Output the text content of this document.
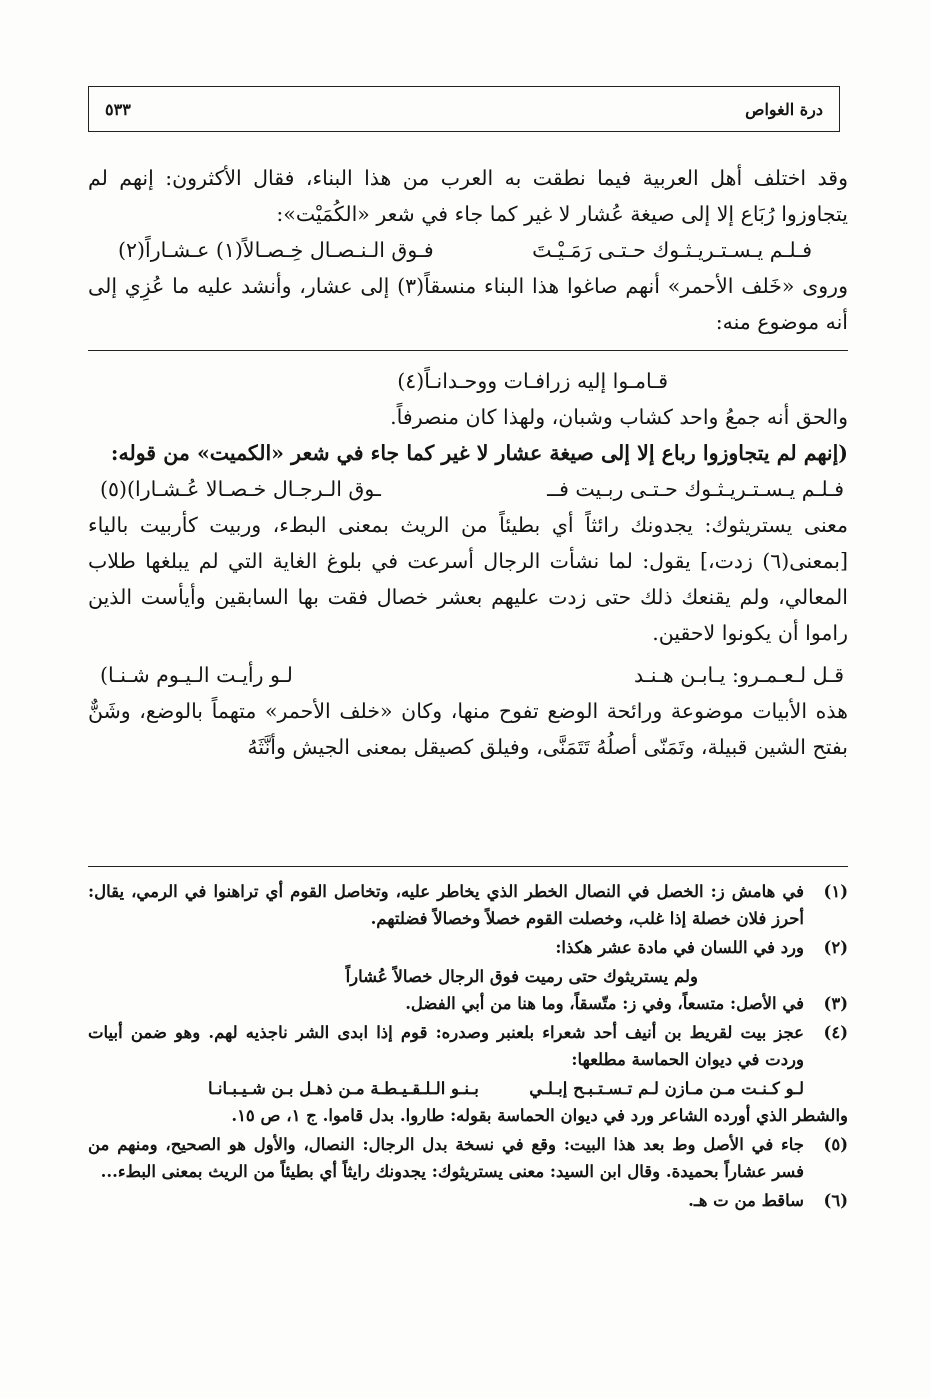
درة الغواص
٥٣٣

وقد اختلف أهل العربية فيما نطقت به العرب من هذا البناء، فقال الأكثرون: إنهم لم يتجاوزوا رُبَاع إلا إلى صيغة عُشار لا غير كما جاء في شعر «الكُمَيْت»:

فـلـم يـسـتـريـثـوك حـتـى رَمَـيْـتَ
فـوق الـنـصـال خِـصـالاً(١) عـشـاراً(٢)

وروى «خَلف الأحمر» أنهم صاغوا هذا البناء منسقاً(٣) إلى عشار، وأنشد عليه ما عُزِي إلى أنه موضوع منه:

قـامـوا إليه زرافـات ووحـدانـاً(٤)

والحق أنه جمعُ واحد كشاب وشبان، ولهذا كان منصرفاً.

(إنهم لم يتجاوزوا رباع إلا إلى صيغة عشار لا غير كما جاء في شعر «الكميت» من قوله:

فـلـم يـسـتـريـثـوك حـتـى ربـيت فــ
ـوق الـرجـال خـصـالا عُـشـارا)(٥)

معنى يستريثوك: يجدونك رائثاً أي بطيئاً من الريث بمعنى البطء، وربيت كأربيت بالياء [بمعنى(٦) زدت،] يقول: لما نشأت الرجال أسرعت في بلوغ الغاية التي لم يبلغها طلاب المعالي، ولم يقنعك ذلك حتى زدت عليهم بعشر خصال فقت بها السابقين وأيأست الذين راموا أن يكونوا لاحقين.

قـل لـعـمـرو: يـابـن هـنـد
لـو رأيـت الـيـوم شـنـا)

هذه الأبيات موضوعة ورائحة الوضع تفوح منها، وكان «خلف الأحمر» متهماً بالوضع، وشَنٌّ بفتح الشين قبيلة، وتَمَنّى أصلُهُ تَتَمَنَّى، وفيلق كصيقل بمعنى الجيش وأنَّثَهُ

(١)
في هامش ز: الخصل في النصال الخطر الذي يخاطر عليه، وتخاصل القوم أي تراهنوا في الرمي، يقال: أحرز فلان خصلة إذا غلب، وخصلت القوم خصلاً وخصالاً فضلتهم.
(٢)
ورد في اللسان في مادة عشر هكذا:
ولم يستريثوك حتى رميت فوق الرجال خصالاً عُشاراً
(٣)
في الأصل: متسعاً، وفي ز: متّسقاً، وما هنا من أبي الفضل.
(٤)
عجز بيت لقريط بن أنيف أحد شعراء بلعنبر وصدره: قوم إذا ابدى الشر ناجذيه لهم. وهو ضمن أبيات وردت في ديوان الحماسة مطلعها:
لـو كـنـت مـن مـازن لـم تـسـتـبـح إبـلـي
بـنـو الـلـقـيـطـة مـن ذهـل بـن شـيـبـانـا
والشطر الذي أورده الشاعر ورد في ديوان الحماسة بقوله: طاروا. بدل قاموا. ج ١، ص ١٥.
(٥)
جاء في الأصل وط بعد هذا البيت: وقع في نسخة بدل الرجال: النصال، والأول هو الصحيح، ومنهم من فسر عشاراً بحميدة. وقال ابن السيد: معنى يستريثوك: يجدونك رايثاً أي بطيئاً من الريث بمعنى البطء...
(٦)
ساقط من ت هـ.
